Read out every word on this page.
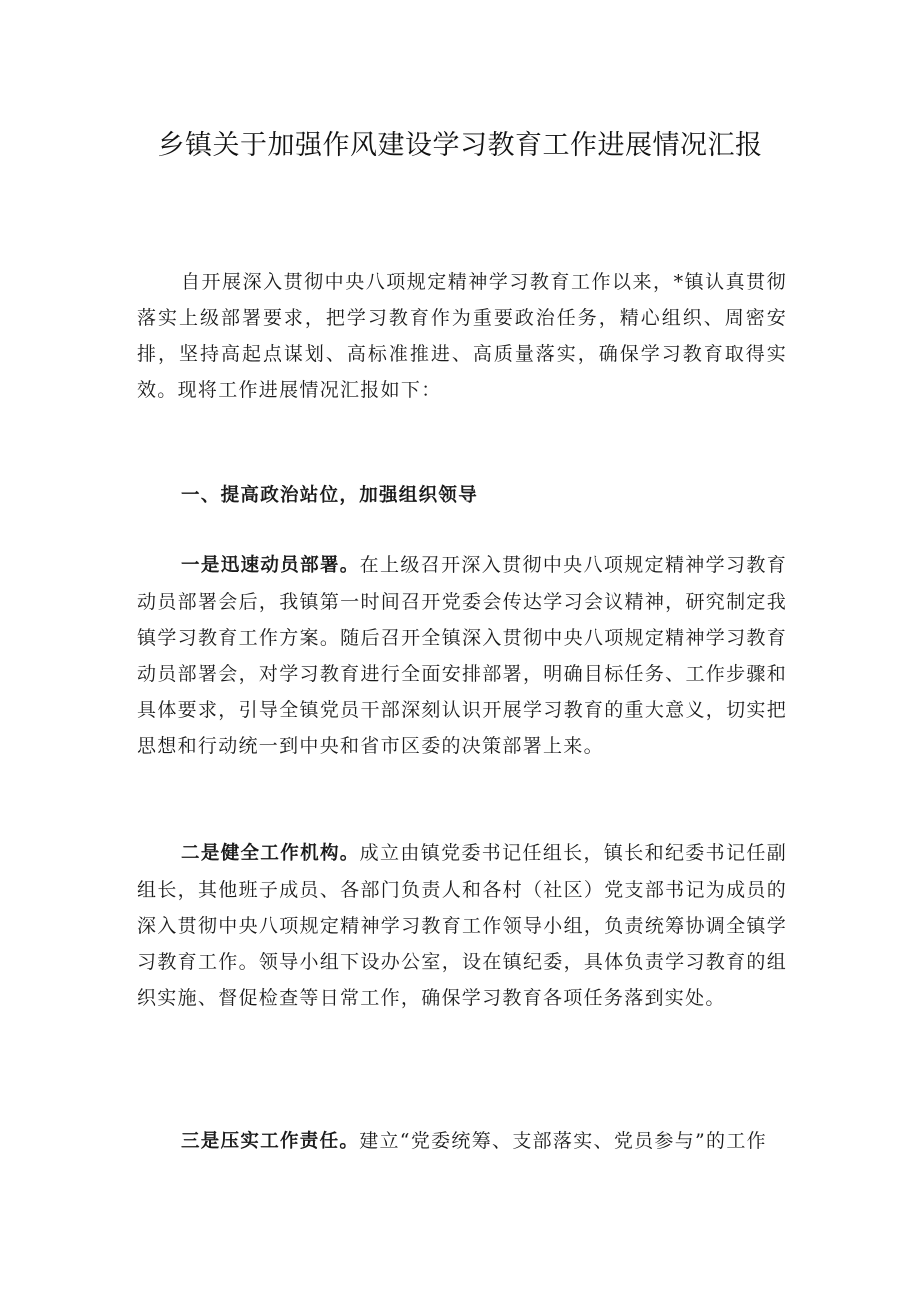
乡镇关于加强作风建设学习教育工作进展情况汇报

自开展深入贯彻中央八项规定精神学习教育工作以来，*镇认真贯彻落实上级部署要求，把学习教育作为重要政治任务，精心组织、周密安排，坚持高起点谋划、高标准推进、高质量落实，确保学习教育取得实效。现将工作进展情况汇报如下：

一、提高政治站位，加强组织领导

一是迅速动员部署。在上级召开深入贯彻中央八项规定精神学习教育动员部署会后，我镇第一时间召开党委会传达学习会议精神，研究制定我镇学习教育工作方案。随后召开全镇深入贯彻中央八项规定精神学习教育动员部署会，对学习教育进行全面安排部署，明确目标任务、工作步骤和具体要求，引导全镇党员干部深刻认识开展学习教育的重大意义，切实把思想和行动统一到中央和省市区委的决策部署上来。

二是健全工作机构。成立由镇党委书记任组长，镇长和纪委书记任副组长，其他班子成员、各部门负责人和各村（社区）党支部书记为成员的深入贯彻中央八项规定精神学习教育工作领导小组，负责统筹协调全镇学习教育工作。领导小组下设办公室，设在镇纪委，具体负责学习教育的组织实施、督促检查等日常工作，确保学习教育各项任务落到实处。

三是压实工作责任。建立“党委统筹、支部落实、党员参与”的工作
